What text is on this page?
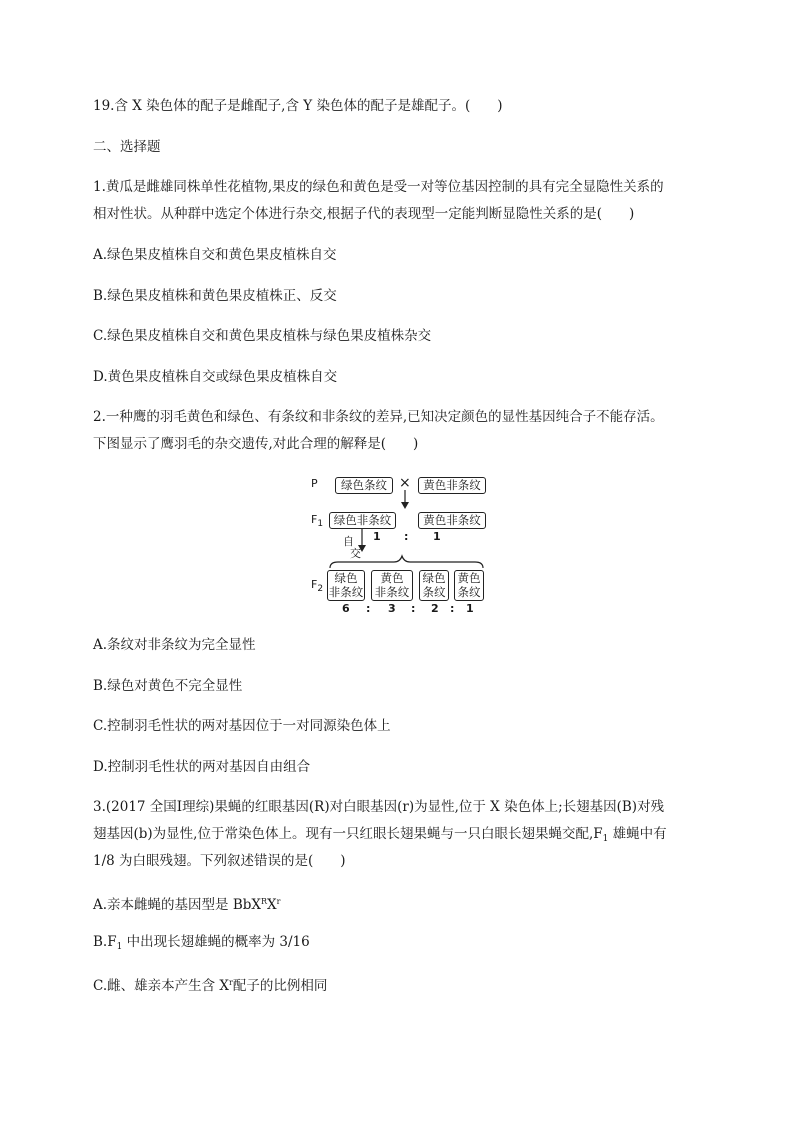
19.含 X 染色体的配子是雌配子,含 Y 染色体的配子是雄配子。(　　)
二、选择题
1.黄瓜是雌雄同株单性花植物,果皮的绿色和黄色是受一对等位基因控制的具有完全显隐性关系的
相对性状。从种群中选定个体进行杂交,根据子代的表现型一定能判断显隐性关系的是(　　)
A.绿色果皮植株自交和黄色果皮植株自交
B.绿色果皮植株和黄色果皮植株正、反交
C.绿色果皮植株自交和黄色果皮植株与绿色果皮植株杂交
D.黄色果皮植株自交或绿色果皮植株自交
2.一种鹰的羽毛黄色和绿色、有条纹和非条纹的差异,已知决定颜色的显性基因纯合子不能存活。
下图显示了鹰羽毛的杂交遗传,对此合理的解释是(　　)
P	绿色条纹 ×	黄色非条纹
$F_1$ 绿色非条纹	黄色非条纹
1 : 1
自
交
$F_2$
绿色
非条纹
黄色
非条纹
绿色
条纹
黄色
条纹
6 : 3 : 2 : 1
A.条纹对非条纹为完全显性
B.绿色对黄色不完全显性
C.控制羽毛性状的两对基因位于一对同源染色体上
D.控制羽毛性状的两对基因自由组合
3.(2017 全国Ⅰ理综)果蝇的红眼基因(R)对白眼基因(r)为显性,位于 X 染色体上;长翅基因(B)对残
翅基因(b)为显性,位于常染色体上。现有一只红眼长翅果蝇与一只白眼长翅果蝇交配$,F_1$ 雄蝇中有
1/8 为白眼残翅。下列叙述错误的是(　　)
A.亲本雌蝇的基因型是 $BbX^RX^r$
$B.F_1$ 中出现长翅雄蝇的概率为 3/16
C.雌、雄亲本产生含 $X^r$配子的比例相同
